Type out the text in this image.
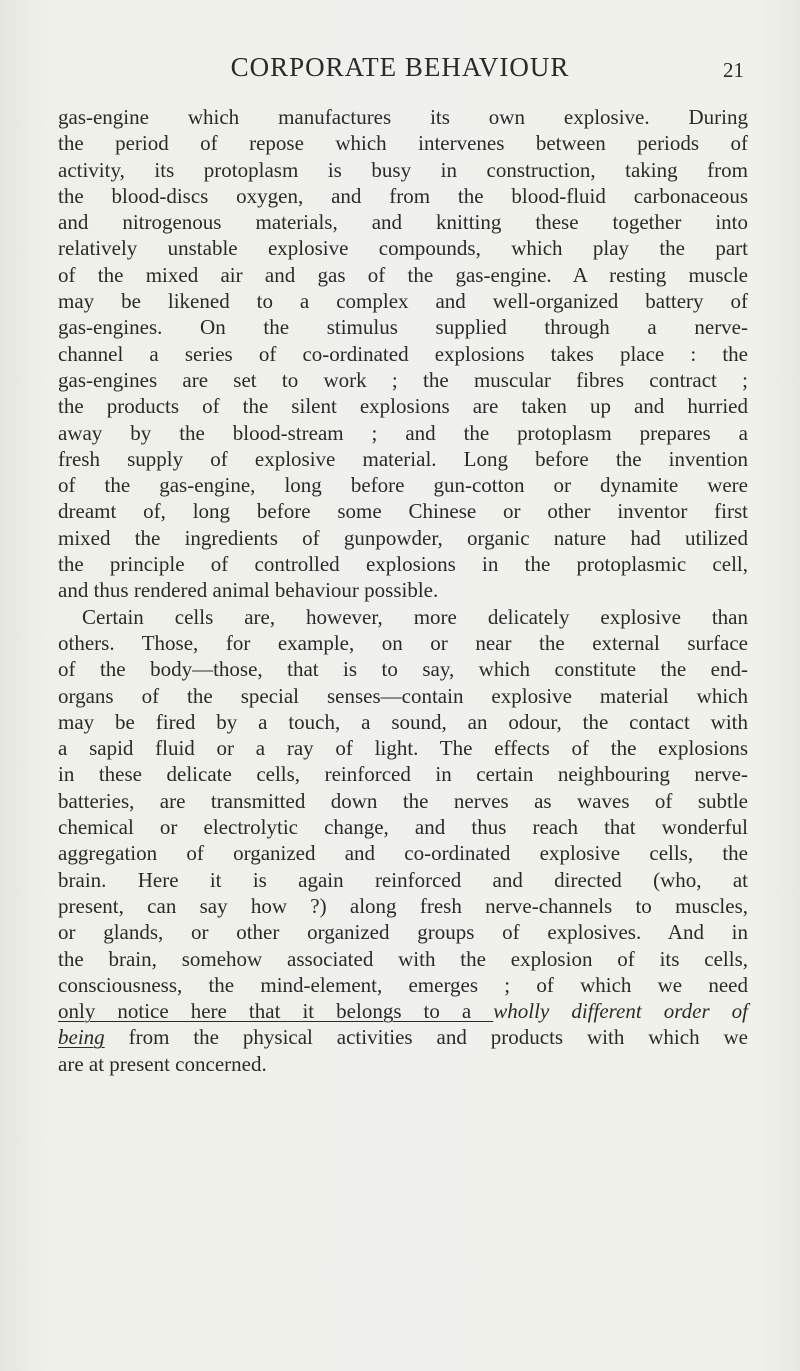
CORPORATE BEHAVIOUR	21
gas-engine which manufactures its own explosive. During
the period of repose which intervenes between periods of
activity, its protoplasm is busy in construction, taking from
the blood-discs oxygen, and from the blood-fluid carbonaceous
and nitrogenous materials, and knitting these together into
relatively unstable explosive compounds, which play the part
of the mixed air and gas of the gas-engine. A resting muscle
may be likened to a complex and well-organized battery of
gas-engines. On the stimulus supplied through a nerve-
channel a series of co-ordinated explosions takes place : the
gas-engines are set to work ; the muscular fibres contract ;
the products of the silent explosions are taken up and hurried
away by the blood-stream ; and the protoplasm prepares a
fresh supply of explosive material. Long before the invention
of the gas-engine, long before gun-cotton or dynamite were
dreamt of, long before some Chinese or other inventor first
mixed the ingredients of gunpowder, organic nature had utilized
the principle of controlled explosions in the protoplasmic cell,
and thus rendered animal behaviour possible.
Certain cells are, however, more delicately explosive than
others. Those, for example, on or near the external surface
of the body—those, that is to say, which constitute the end-
organs of the special senses—contain explosive material which
may be fired by a touch, a sound, an odour, the contact with
a sapid fluid or a ray of light. The effects of the explosions
in these delicate cells, reinforced in certain neighbouring nerve-
batteries, are transmitted down the nerves as waves of subtle
chemical or electrolytic change, and thus reach that wonderful
aggregation of organized and co-ordinated explosive cells, the
brain. Here it is again reinforced and directed (who, at
present, can say how ?) along fresh nerve-channels to muscles,
or glands, or other organized groups of explosives. And in
the brain, somehow associated with the explosion of its cells,
consciousness, the mind-element, emerges ; of which we need
only notice here that it belongs to a wholly different order of
being from the physical activities and products with which we
are at present concerned.
